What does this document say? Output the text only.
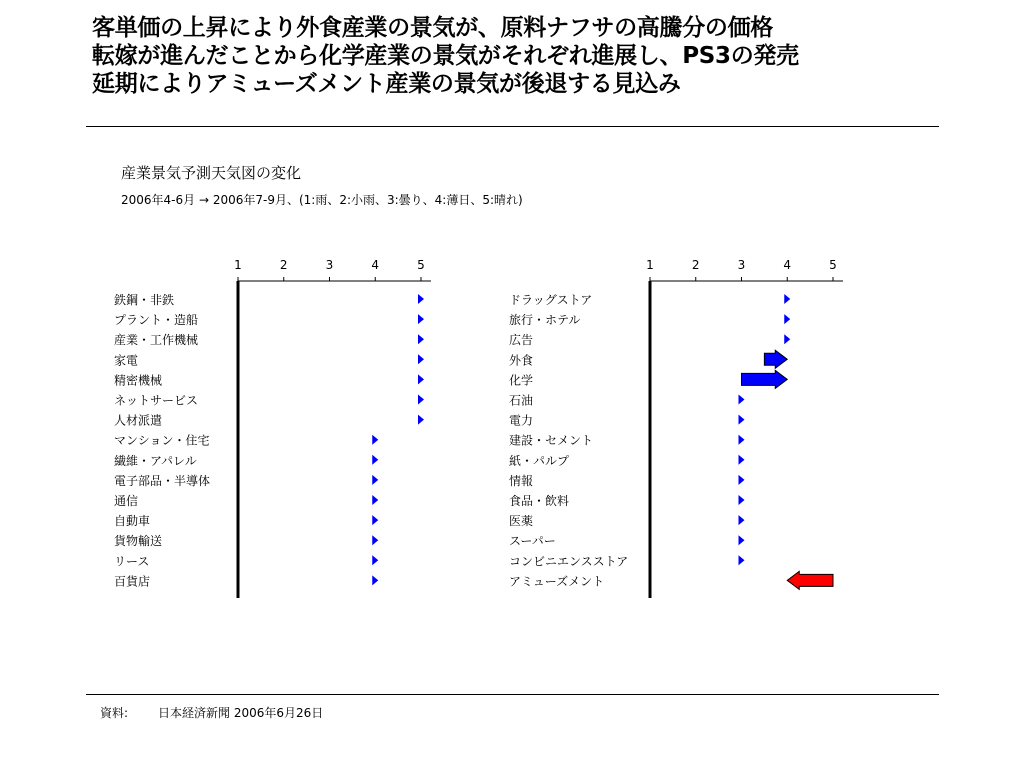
客単価の上昇により外食産業の景気が、原料ナフサの高騰分の価格
転嫁が進んだことから化学産業の景気がそれぞれ進展し、PS3の発売
延期によりアミューズメント産業の景気が後退する見込み
産業景気予測天気図の変化
2006年4-6月 → 2006年7-9月、(1:雨、2:小雨、3:曇り、4:薄日、5:晴れ)
1	2	3	4	5
鉄鋼・非鉄
プラント・造船
産業・工作機械
家電
精密機械
ネットサービス
人材派遣
マンション・住宅
繊維・アパレル
電子部品・半導体
通信
自動車
貨物輸送
リース
百貨店
1	2	3	4	5
ドラッグストア
旅行・ホテル
広告
外食
化学
石油
電力
建設・セメント
紙・パルプ
情報
食品・飲料
医薬
スーパー
コンビニエンスストア
アミューズメント
資料: 日本経済新聞 2006年6月26日
